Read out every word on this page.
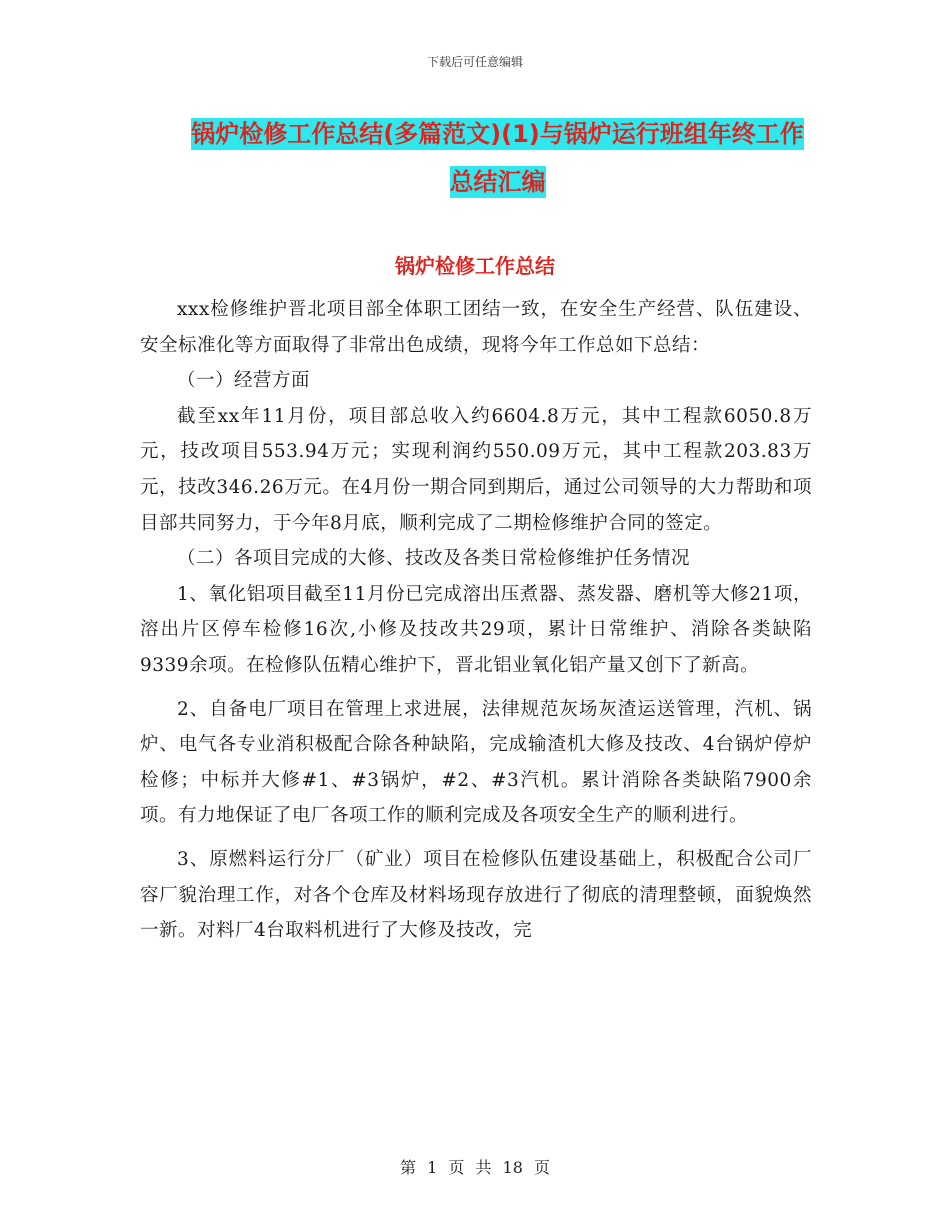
下载后可任意编辑
锅炉检修工作总结(多篇范文)(1)与锅炉运行班组年终工作总结汇编
锅炉检修工作总结

xxx检修维护晋北项目部全体职工团结一致，在安全生产经营、队伍建设、安全标准化等方面取得了非常出色成绩，现将今年工作总如下总结：

（一）经营方面

截至xx年11月份，项目部总收入约6604.8万元，其中工程款6050.8万元，技改项目553.94万元；实现利润约550.09万元，其中工程款203.83万元，技改346.26万元。在4月份一期合同到期后，通过公司领导的大力帮助和项目部共同努力，于今年8月底，顺利完成了二期检修维护合同的签定。

（二）各项目完成的大修、技改及各类日常检修维护任务情况

1、氧化铝项目截至11月份已完成溶出压煮器、蒸发器、磨机等大修21项，溶出片区停车检修16次,小修及技改共29项，累计日常维护、消除各类缺陷9339余项。在检修队伍精心维护下，晋北铝业氧化铝产量又创下了新高。

2、自备电厂项目在管理上求进展，法律规范灰场灰渣运送管理，汽机、锅炉、电气各专业消积极配合除各种缺陷，完成输渣机大修及技改、4台锅炉停炉检修；中标并大修#1、#3锅炉，#2、#3汽机。累计消除各类缺陷7900余项。有力地保证了电厂各项工作的顺利完成及各项安全生产的顺利进行。

3、原燃料运行分厂（矿业）项目在检修队伍建设基础上，积极配合公司厂容厂貌治理工作，对各个仓库及材料场现存放进行了彻底的清理整顿，面貌焕然一新。对料厂4台取料机进行了大修及技改，完

第 1 页 共 18 页
